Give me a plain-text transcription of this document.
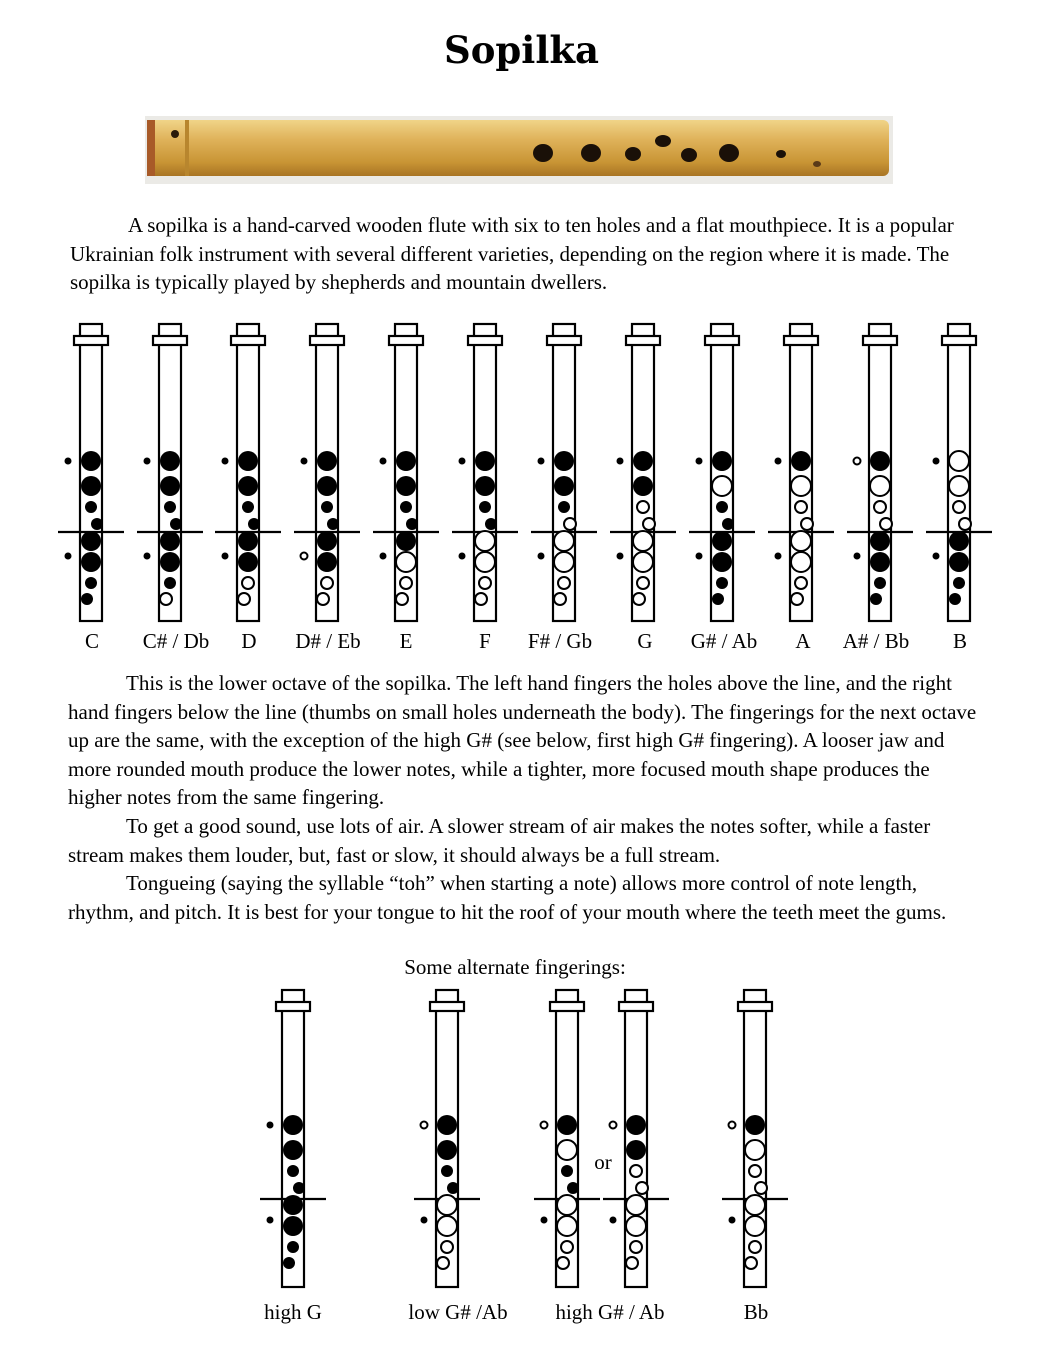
Sopilka

A sopilka is a hand-carved wooden flute with six to ten holes and a flat mouthpiece. It is a popular Ukrainian folk instrument with several different varieties, depending on the region where it is made. The sopilka is typically played by shepherds and mountain dwellers.

C C# / Db D D# / Eb E	F F# / Gb G G# / Ab A A# / Bb B
high G	low G# /Ab high G# / Ab	Bb
or
This is the lower octave of the sopilka. The left hand fingers the holes above the line, and the right hand fingers below the line (thumbs on small holes underneath the body). The fingerings for the next octave up are the same, with the exception of the high G# (see below, first high G# fingering). A looser jaw and more rounded mouth produce the lower notes, while a tighter, more focused mouth shape produces the higher notes from the same fingering.
To get a good sound, use lots of air. A slower stream of air makes the notes softer, while a faster stream makes them louder, but, fast or slow, it should always be a full stream.
Tongueing (saying the syllable “toh” when starting a note) allows more control of note length, rhythm, and pitch. It is best for your tongue to hit the roof of your mouth where the teeth meet the gums.
Some alternate fingerings:
